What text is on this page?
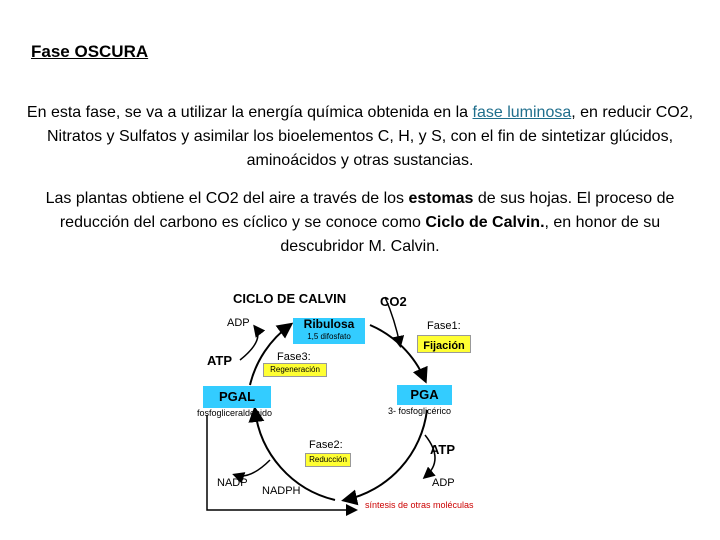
Fase OSCURA
En esta fase, se va a utilizar la energía química obtenida en la fase luminosa, en reducir CO2, Nitratos y Sulfatos y asimilar los bioelementos C, H, y S, con el fin de sintetizar glúcidos, aminoácidos y otras sustancias.
Las plantas obtiene el CO2 del aire a través de los estomas de sus hojas. El proceso de reducción del carbono es cíclico y se conoce como Ciclo de Calvin., en honor de su descubridor M. Calvin.
CICLO DE CALVIN	CO2
ADP
ATP
Ribulosa
1,5 difosfato
Fase1:
Fijación
Fase3:
Regeneración
PGAL
fosfogliceraldehido
PGA
3- fosfoglicérico
Fase2:
Reducción
ATP
ADP
NADP
NADPH
síntesis de otras moléculas
